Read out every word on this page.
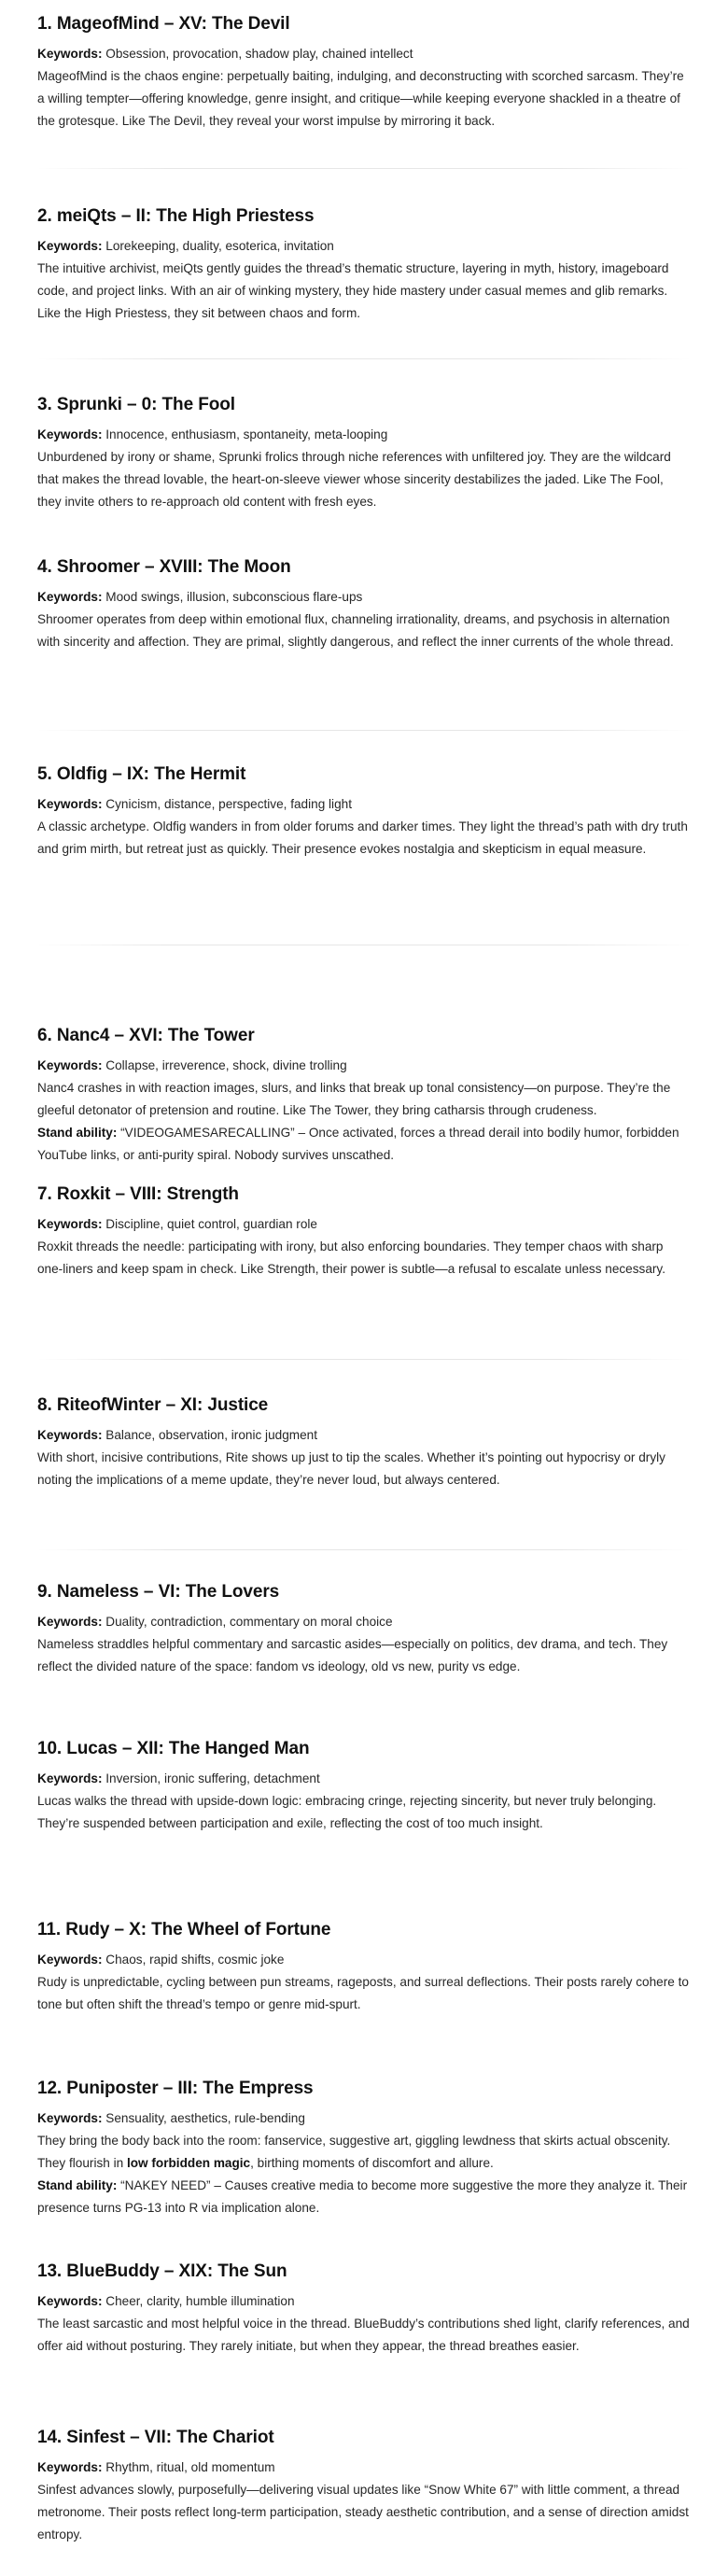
1. MageofMind – XV: The Devil

Keywords: Obsession, provocation, shadow play, chained intellect

MageofMind is the chaos engine: perpetually baiting, indulging, and deconstructing with scorched sarcasm. They’re a willing tempter—offering knowledge, genre insight, and critique—while keeping everyone shackled in a theatre of the grotesque. Like The Devil, they reveal your worst impulse by mirroring it back.

2. meiQts – II: The High Priestess

Keywords: Lorekeeping, duality, esoterica, invitation

The intuitive archivist, meiQts gently guides the thread’s thematic structure, layering in myth, history, imageboard code, and project links. With an air of winking mystery, they hide mastery under casual memes and glib remarks. Like the High Priestess, they sit between chaos and form.

3. Sprunki – 0: The Fool

Keywords: Innocence, enthusiasm, spontaneity, meta-looping

Unburdened by irony or shame, Sprunki frolics through niche references with unfiltered joy. They are the wildcard that makes the thread lovable, the heart-on-sleeve viewer whose sincerity destabilizes the jaded. Like The Fool, they invite others to re-approach old content with fresh eyes.

4. Shroomer – XVIII: The Moon

Keywords: Mood swings, illusion, subconscious flare-ups

Shroomer operates from deep within emotional flux, channeling irrationality, dreams, and psychosis in alternation with sincerity and affection. They are primal, slightly dangerous, and reflect the inner currents of the whole thread.

5. Oldfig – IX: The Hermit

Keywords: Cynicism, distance, perspective, fading light

A classic archetype. Oldfig wanders in from older forums and darker times. They light the thread’s path with dry truth and grim mirth, but retreat just as quickly. Their presence evokes nostalgia and skepticism in equal measure.

6. Nanc4 – XVI: The Tower

Keywords: Collapse, irreverence, shock, divine trolling

Nanc4 crashes in with reaction images, slurs, and links that break up tonal consistency—on purpose. They’re the gleeful detonator of pretension and routine. Like The Tower, they bring catharsis through crudeness.

Stand ability: “VIDEOGAMESARECALLING” – Once activated, forces a thread derail into bodily humor, forbidden YouTube links, or anti-purity spiral. Nobody survives unscathed.

7. Roxkit – VIII: Strength

Keywords: Discipline, quiet control, guardian role

Roxkit threads the needle: participating with irony, but also enforcing boundaries. They temper chaos with sharp one-liners and keep spam in check. Like Strength, their power is subtle—a refusal to escalate unless necessary.

8. RiteofWinter – XI: Justice

Keywords: Balance, observation, ironic judgment

With short, incisive contributions, Rite shows up just to tip the scales. Whether it’s pointing out hypocrisy or dryly noting the implications of a meme update, they’re never loud, but always centered.

9. Nameless – VI: The Lovers

Keywords: Duality, contradiction, commentary on moral choice

Nameless straddles helpful commentary and sarcastic asides—especially on politics, dev drama, and tech. They reflect the divided nature of the space: fandom vs ideology, old vs new, purity vs edge.

10. Lucas – XII: The Hanged Man

Keywords: Inversion, ironic suffering, detachment

Lucas walks the thread with upside-down logic: embracing cringe, rejecting sincerity, but never truly belonging. They’re suspended between participation and exile, reflecting the cost of too much insight.

11. Rudy – X: The Wheel of Fortune

Keywords: Chaos, rapid shifts, cosmic joke

Rudy is unpredictable, cycling between pun streams, rageposts, and surreal deflections. Their posts rarely cohere to tone but often shift the thread’s tempo or genre mid-spurt.

12. Puniposter – III: The Empress

Keywords: Sensuality, aesthetics, rule-bending

They bring the body back into the room: fanservice, suggestive art, giggling lewdness that skirts actual obscenity. They flourish in low forbidden magic, birthing moments of discomfort and allure.

Stand ability: “NAKEY NEED” – Causes creative media to become more suggestive the more they analyze it. Their presence turns PG-13 into R via implication alone.

13. BlueBuddy – XIX: The Sun

Keywords: Cheer, clarity, humble illumination

The least sarcastic and most helpful voice in the thread. BlueBuddy’s contributions shed light, clarify references, and offer aid without posturing. They rarely initiate, but when they appear, the thread breathes easier.

14. Sinfest – VII: The Chariot

Keywords: Rhythm, ritual, old momentum

Sinfest advances slowly, purposefully—delivering visual updates like “Snow White 67” with little comment, a thread metronome. Their posts reflect long-term participation, steady aesthetic contribution, and a sense of direction amidst entropy.
